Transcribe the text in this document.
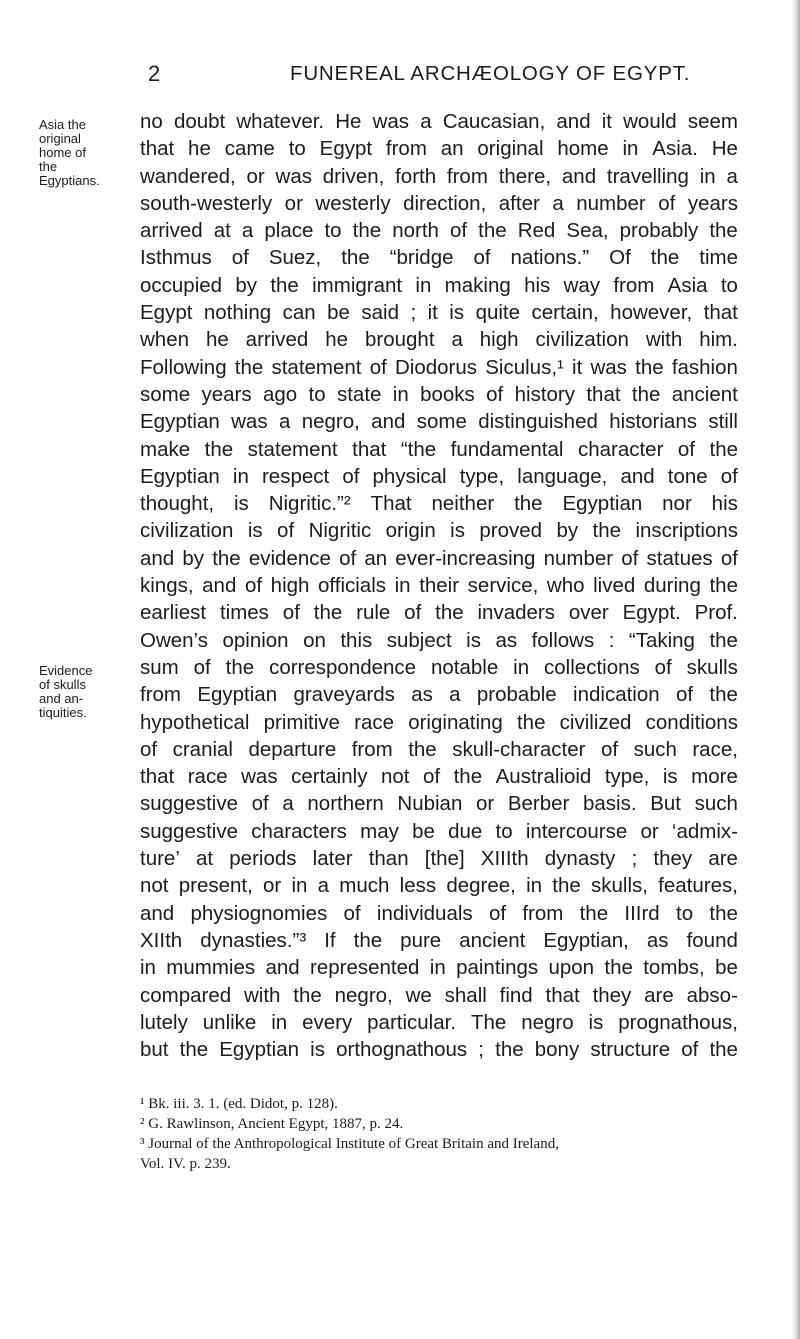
2	FUNEREAL ARCHÆOLOGY OF EGYPT.
Asia the
original
home of
the
Egyptians.
Evidence
of skulls
and an-
tiquities.
no doubt whatever. He was a Caucasian, and it would seem
that he came to Egypt from an original home in Asia. He
wandered, or was driven, forth from there, and travelling in a
south-westerly or westerly direction, after a number of years
arrived at a place to the north of the Red Sea, probably the
Isthmus of Suez, the “bridge of nations.” Of the time
occupied by the immigrant in making his way from Asia to
Egypt nothing can be said ; it is quite certain, however, that
when he arrived he brought a high civilization with him.
Following the statement of Diodorus Siculus,¹ it was the fashion
some years ago to state in books of history that the ancient
Egyptian was a negro, and some distinguished historians still
make the statement that “the fundamental character of the
Egyptian in respect of physical type, language, and tone of
thought, is Nigritic.”² That neither the Egyptian nor his
civilization is of Nigritic origin is proved by the inscriptions
and by the evidence of an ever-increasing number of statues of
kings, and of high officials in their service, who lived during the
earliest times of the rule of the invaders over Egypt. Prof.
Owen’s opinion on this subject is as follows : “Taking the
sum of the correspondence notable in collections of skulls
from Egyptian graveyards as a probable indication of the
hypothetical primitive race originating the civilized conditions
of cranial departure from the skull-character of such race,
that race was certainly not of the Australioid type, is more
suggestive of a northern Nubian or Berber basis. But such
suggestive characters may be due to intercourse or ‘admix-
ture’ at periods later than [the] XIIIth dynasty ; they are
not present, or in a much less degree, in the skulls, features,
and physiognomies of individuals of from the IIIrd to the
XIIth dynasties.”³ If the pure ancient Egyptian, as found
in mummies and represented in paintings upon the tombs, be
compared with the negro, we shall find that they are abso-
lutely unlike in every particular. The negro is prognathous,
but the Egyptian is orthognathous ; the bony structure of the
¹ Bk. iii. 3. 1. (ed. Didot, p. 128).
² G. Rawlinson, Ancient Egypt, 1887, p. 24.
³ Journal of the Anthropological Institute of Great Britain and Ireland,
Vol. IV. p. 239.
